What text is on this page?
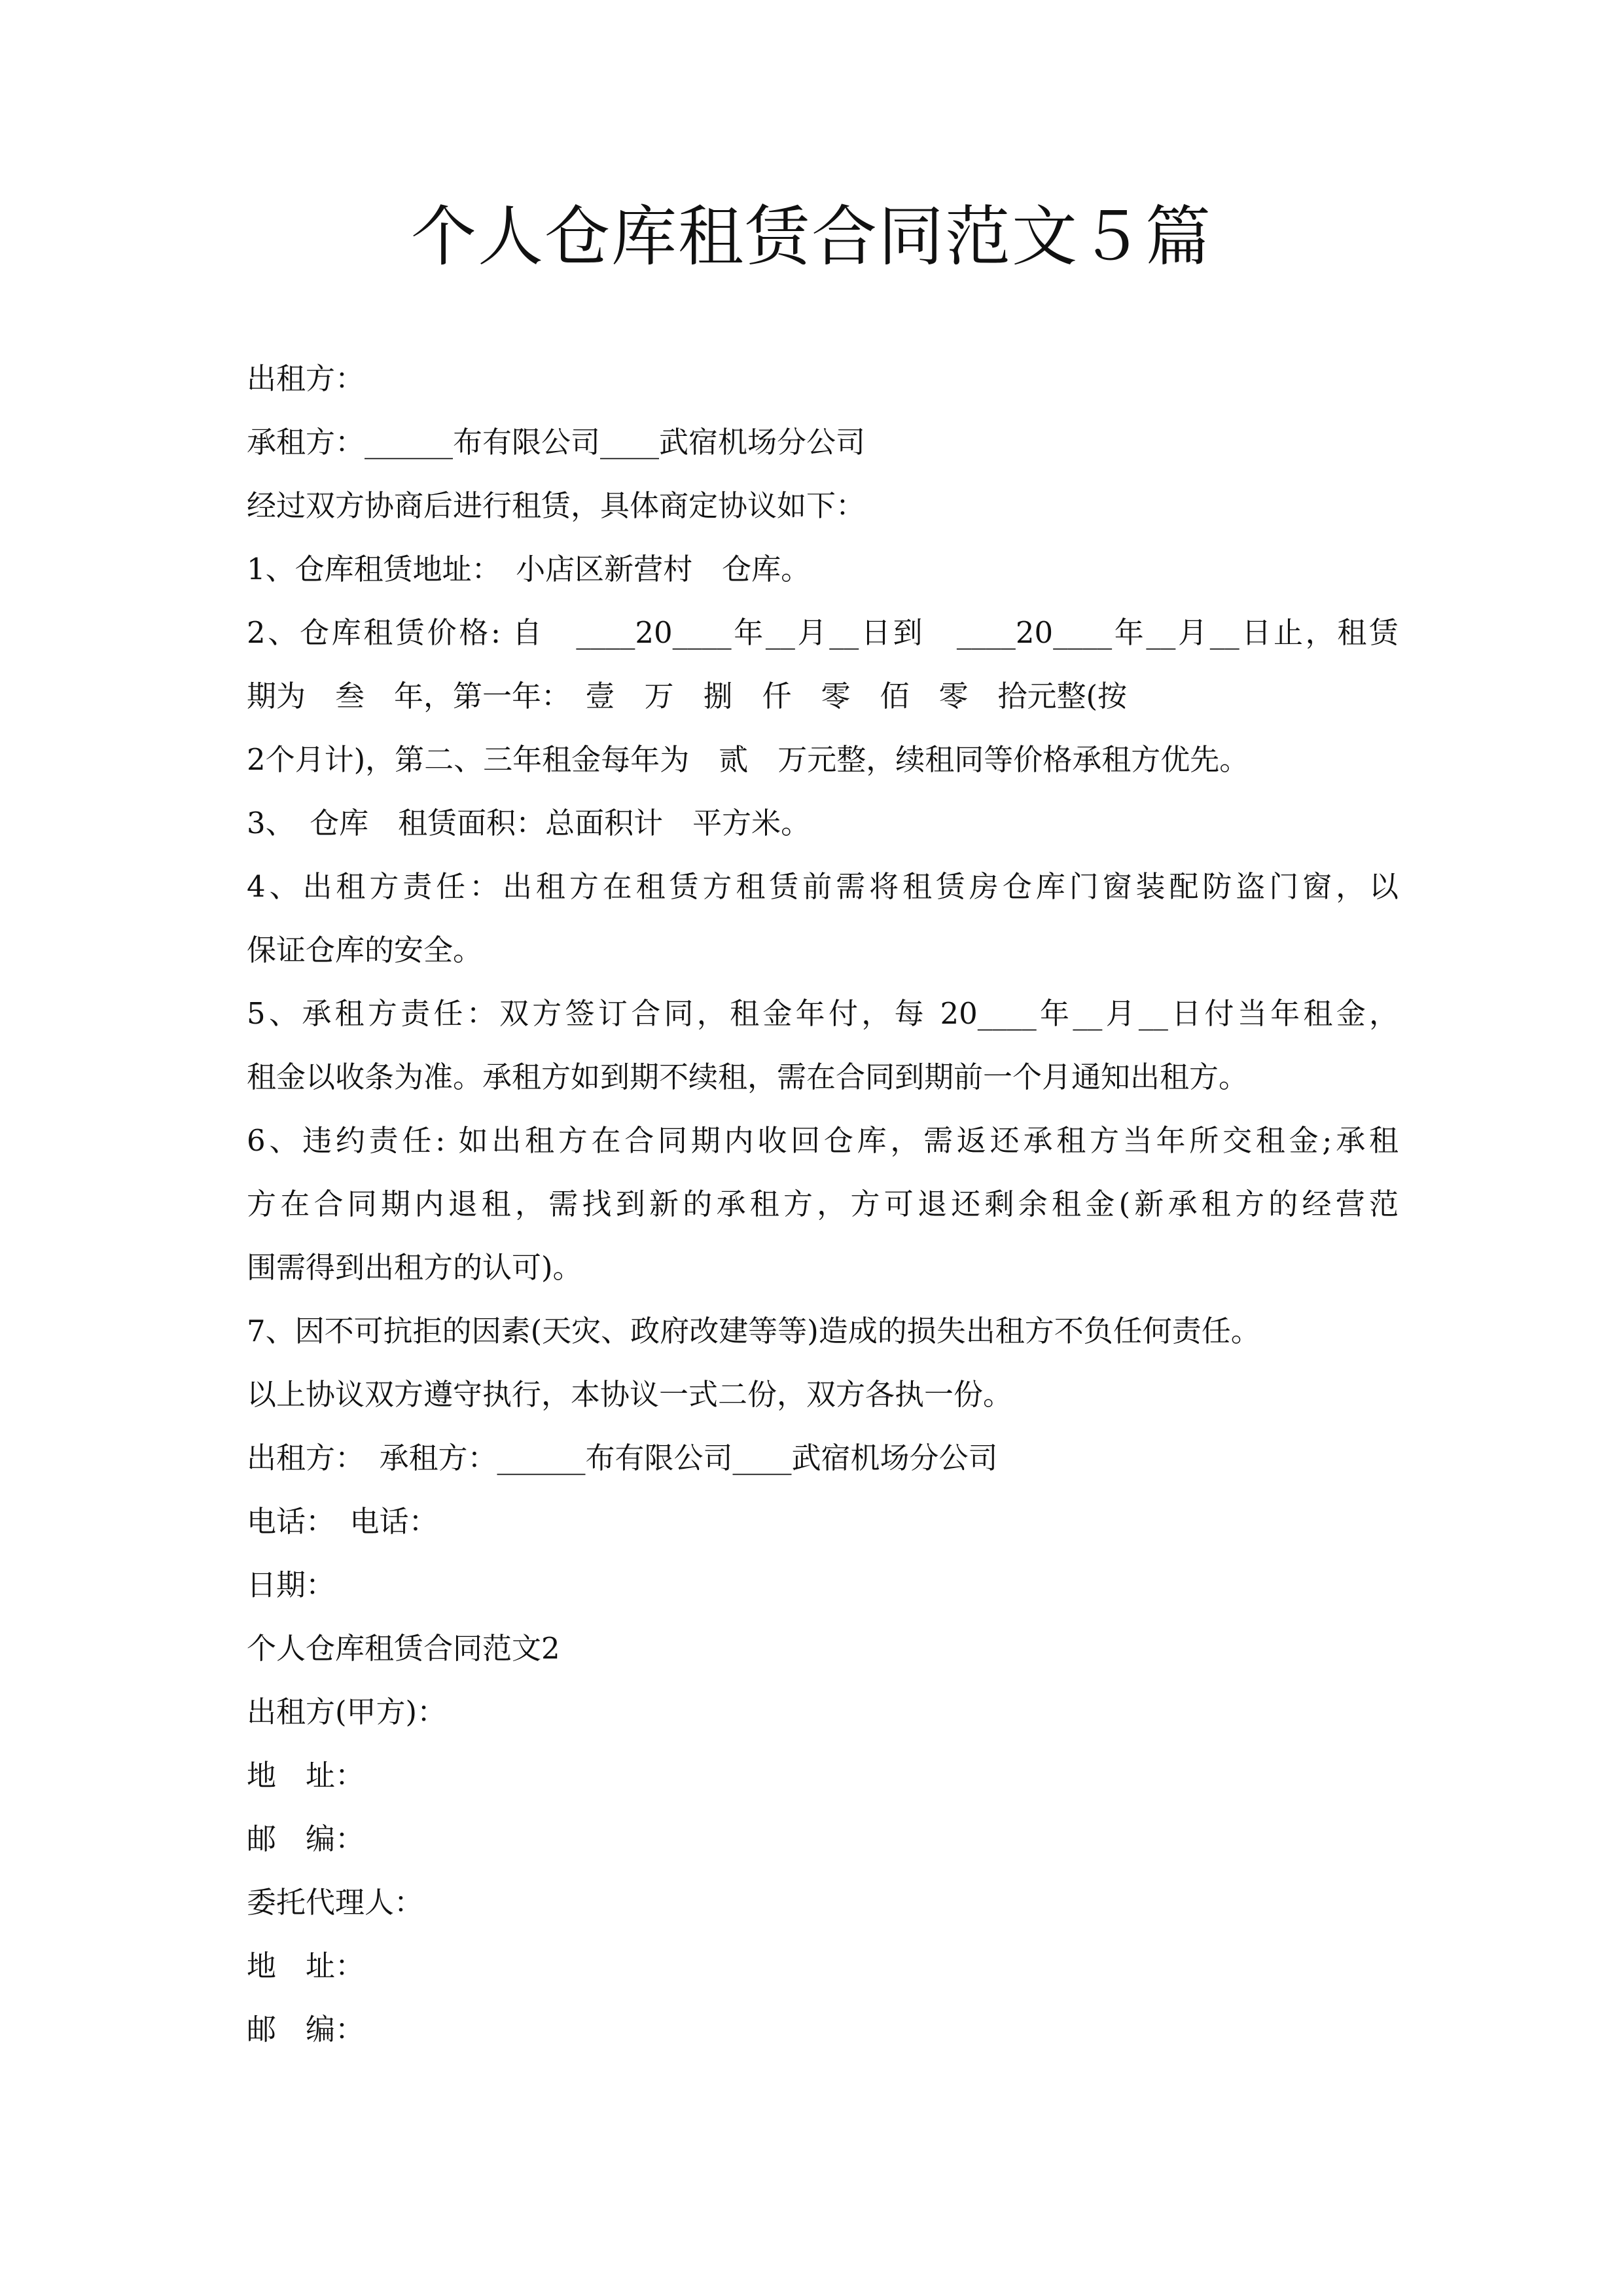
个人仓库租赁合同范文５篇

出租方：

承租方：______布有限公司____武宿机场分公司

经过双方协商后进行租赁，具体商定协议如下：

1、仓库租赁地址：　小店区新营村　仓库。

2、仓库租赁价格: 自　____20____年__月__日到　____20____年__月__日止，租赁

期为　叁　年，第一年：　壹　万　捌　仟　零　佰　零　拾元整(按

2个月计)，第二、三年租金每年为　贰　万元整，续租同等价格承租方优先。

3、　仓库　租赁面积：总面积计　平方米。

4、出租方责任：出租方在租赁方租赁前需将租赁房仓库门窗装配防盗门窗，以

保证仓库的安全。

5、承租方责任：双方签订合同，租金年付，每 20____年__月__日付当年租金，

租金以收条为准。承租方如到期不续租，需在合同到期前一个月通知出租方。

6、违约责任: 如出租方在合同期内收回仓库，需返还承租方当年所交租金;承租

方在合同期内退租，需找到新的承租方，方可退还剩余租金(新承租方的经营范

围需得到出租方的认可)。

7、因不可抗拒的因素(天灾、政府改建等等)造成的损失出租方不负任何责任。

以上协议双方遵守执行，本协议一式二份，双方各执一份。

出租方：　承租方：______布有限公司____武宿机场分公司

电话：　电话：

日期：

个人仓库租赁合同范文2

出租方(甲方)：

地　址：

邮　编：

委托代理人：

地　址：

邮　编：
